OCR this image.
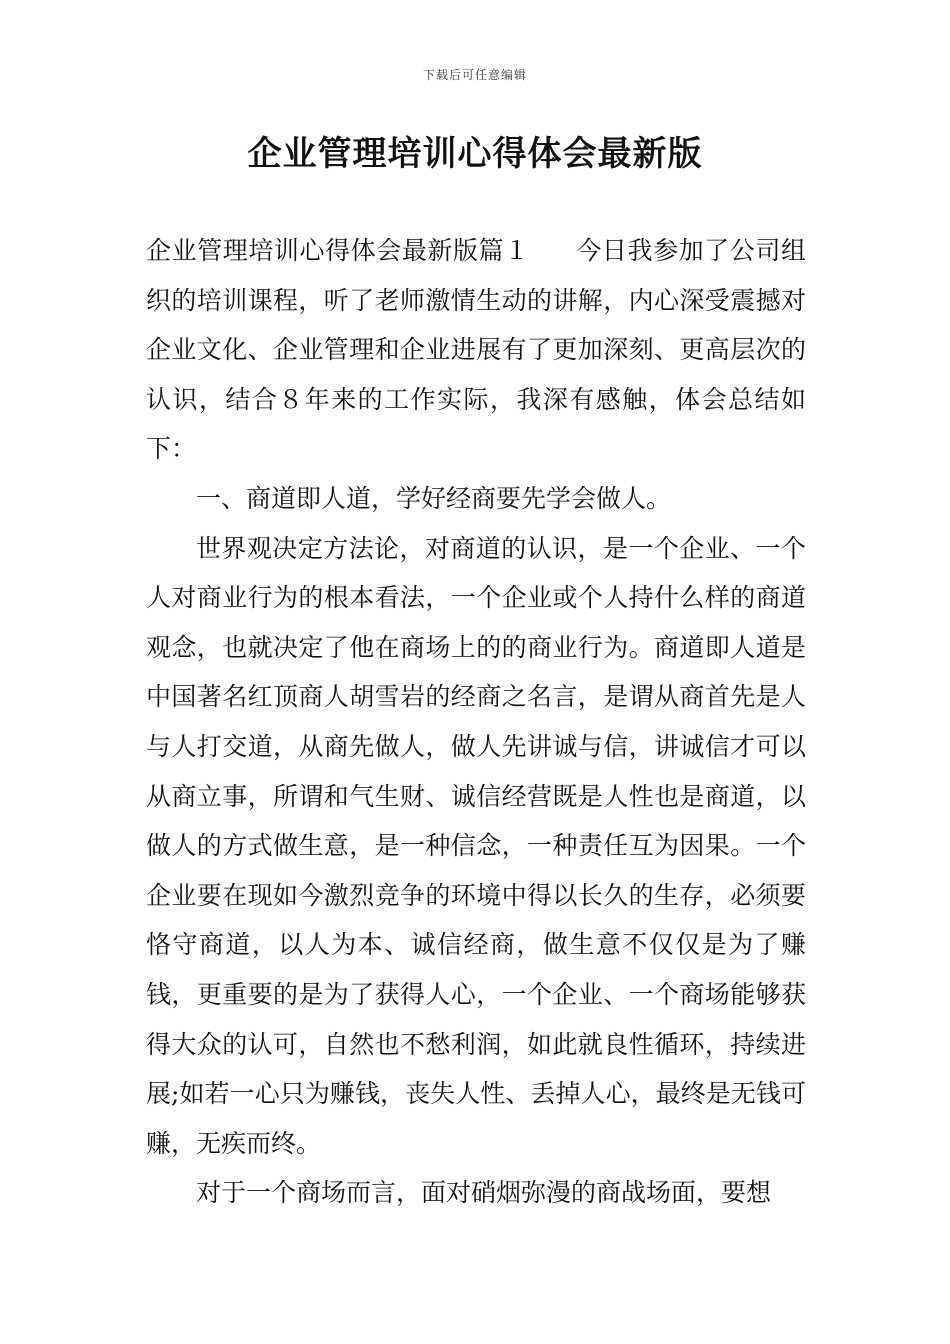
下载后可任意编辑
企业管理培训心得体会最新版

企业管理培训心得体会最新版篇１ 今日我参加了公司组织的培训课程，听了老师激情生动的讲解，内心深受震撼对企业文化、企业管理和企业进展有了更加深刻、更高层次的认识，结合８年来的工作实际，我深有感触，体会总结如下：

一、商道即人道，学好经商要先学会做人。

世界观决定方法论，对商道的认识，是一个企业、一个人对商业行为的根本看法，一个企业或个人持什么样的商道观念，也就决定了他在商场上的的商业行为。商道即人道是中国著名红顶商人胡雪岩的经商之名言，是谓从商首先是人与人打交道，从商先做人，做人先讲诚与信，讲诚信才可以从商立事，所谓和气生财、诚信经营既是人性也是商道，以做人的方式做生意，是一种信念，一种责任互为因果。一个企业要在现如今激烈竞争的环境中得以长久的生存，必须要恪守商道，以人为本、诚信经商，做生意不仅仅是为了赚钱，更重要的是为了获得人心，一个企业、一个商场能够获得大众的认可，自然也不愁利润，如此就良性循环，持续进展;如若一心只为赚钱，丧失人性、丢掉人心，最终是无钱可赚，无疾而终。

对于一个商场而言，面对硝烟弥漫的商战场面，要想
